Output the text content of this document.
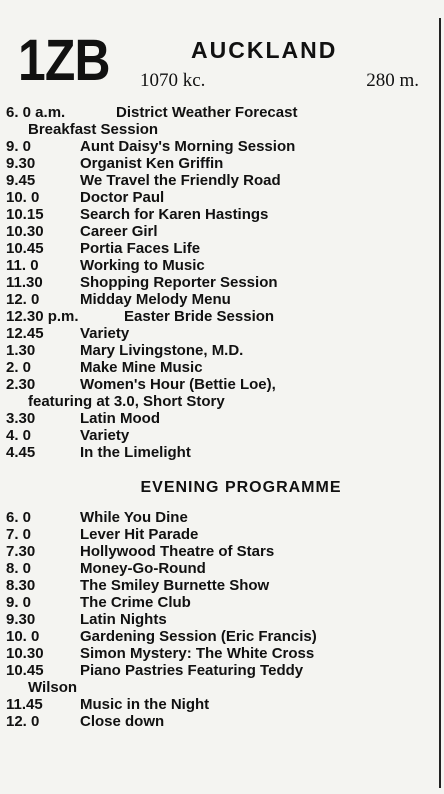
1ZB	AUCKLAND
1070 kc.	280 m.
6. 0 a.m.	District Weather Forecast
Breakfast Session
9. 0	Aunt Daisy's Morning Session
9.30	Organist Ken Griffin
9.45	We Travel the Friendly Road
10. 0	Doctor Paul
10.15 Search for Karen Hastings
10.30 Career Girl
10.45 Portia Faces Life
11. 0	Working to Music
11.30 Shopping Reporter Session
12. 0	Midday Melody Menu
12.30 p.m.	Easter Bride Session
12.45 Variety
1.30	Mary Livingstone, M.D.
2. 0	Make Mine Music
2.30	Women's Hour (Bettie Loe),
featuring at 3.0, Short Story
3.30	Latin Mood
4. 0	Variety
4.45	In the Limelight
EVENING PROGRAMME
6. 0	While You Dine
7. 0	Lever Hit Parade
7.30	Hollywood Theatre of Stars
8. 0	Money-Go-Round
8.30	The Smiley Burnette Show
9. 0	The Crime Club
9.30	Latin Nights
10. 0	Gardening Session (Eric Francis)
10.30 Simon Mystery: The White Cross
10.45 Piano Pastries Featuring Teddy
Wilson
11.45 Music in the Night
12. 0	Close down
